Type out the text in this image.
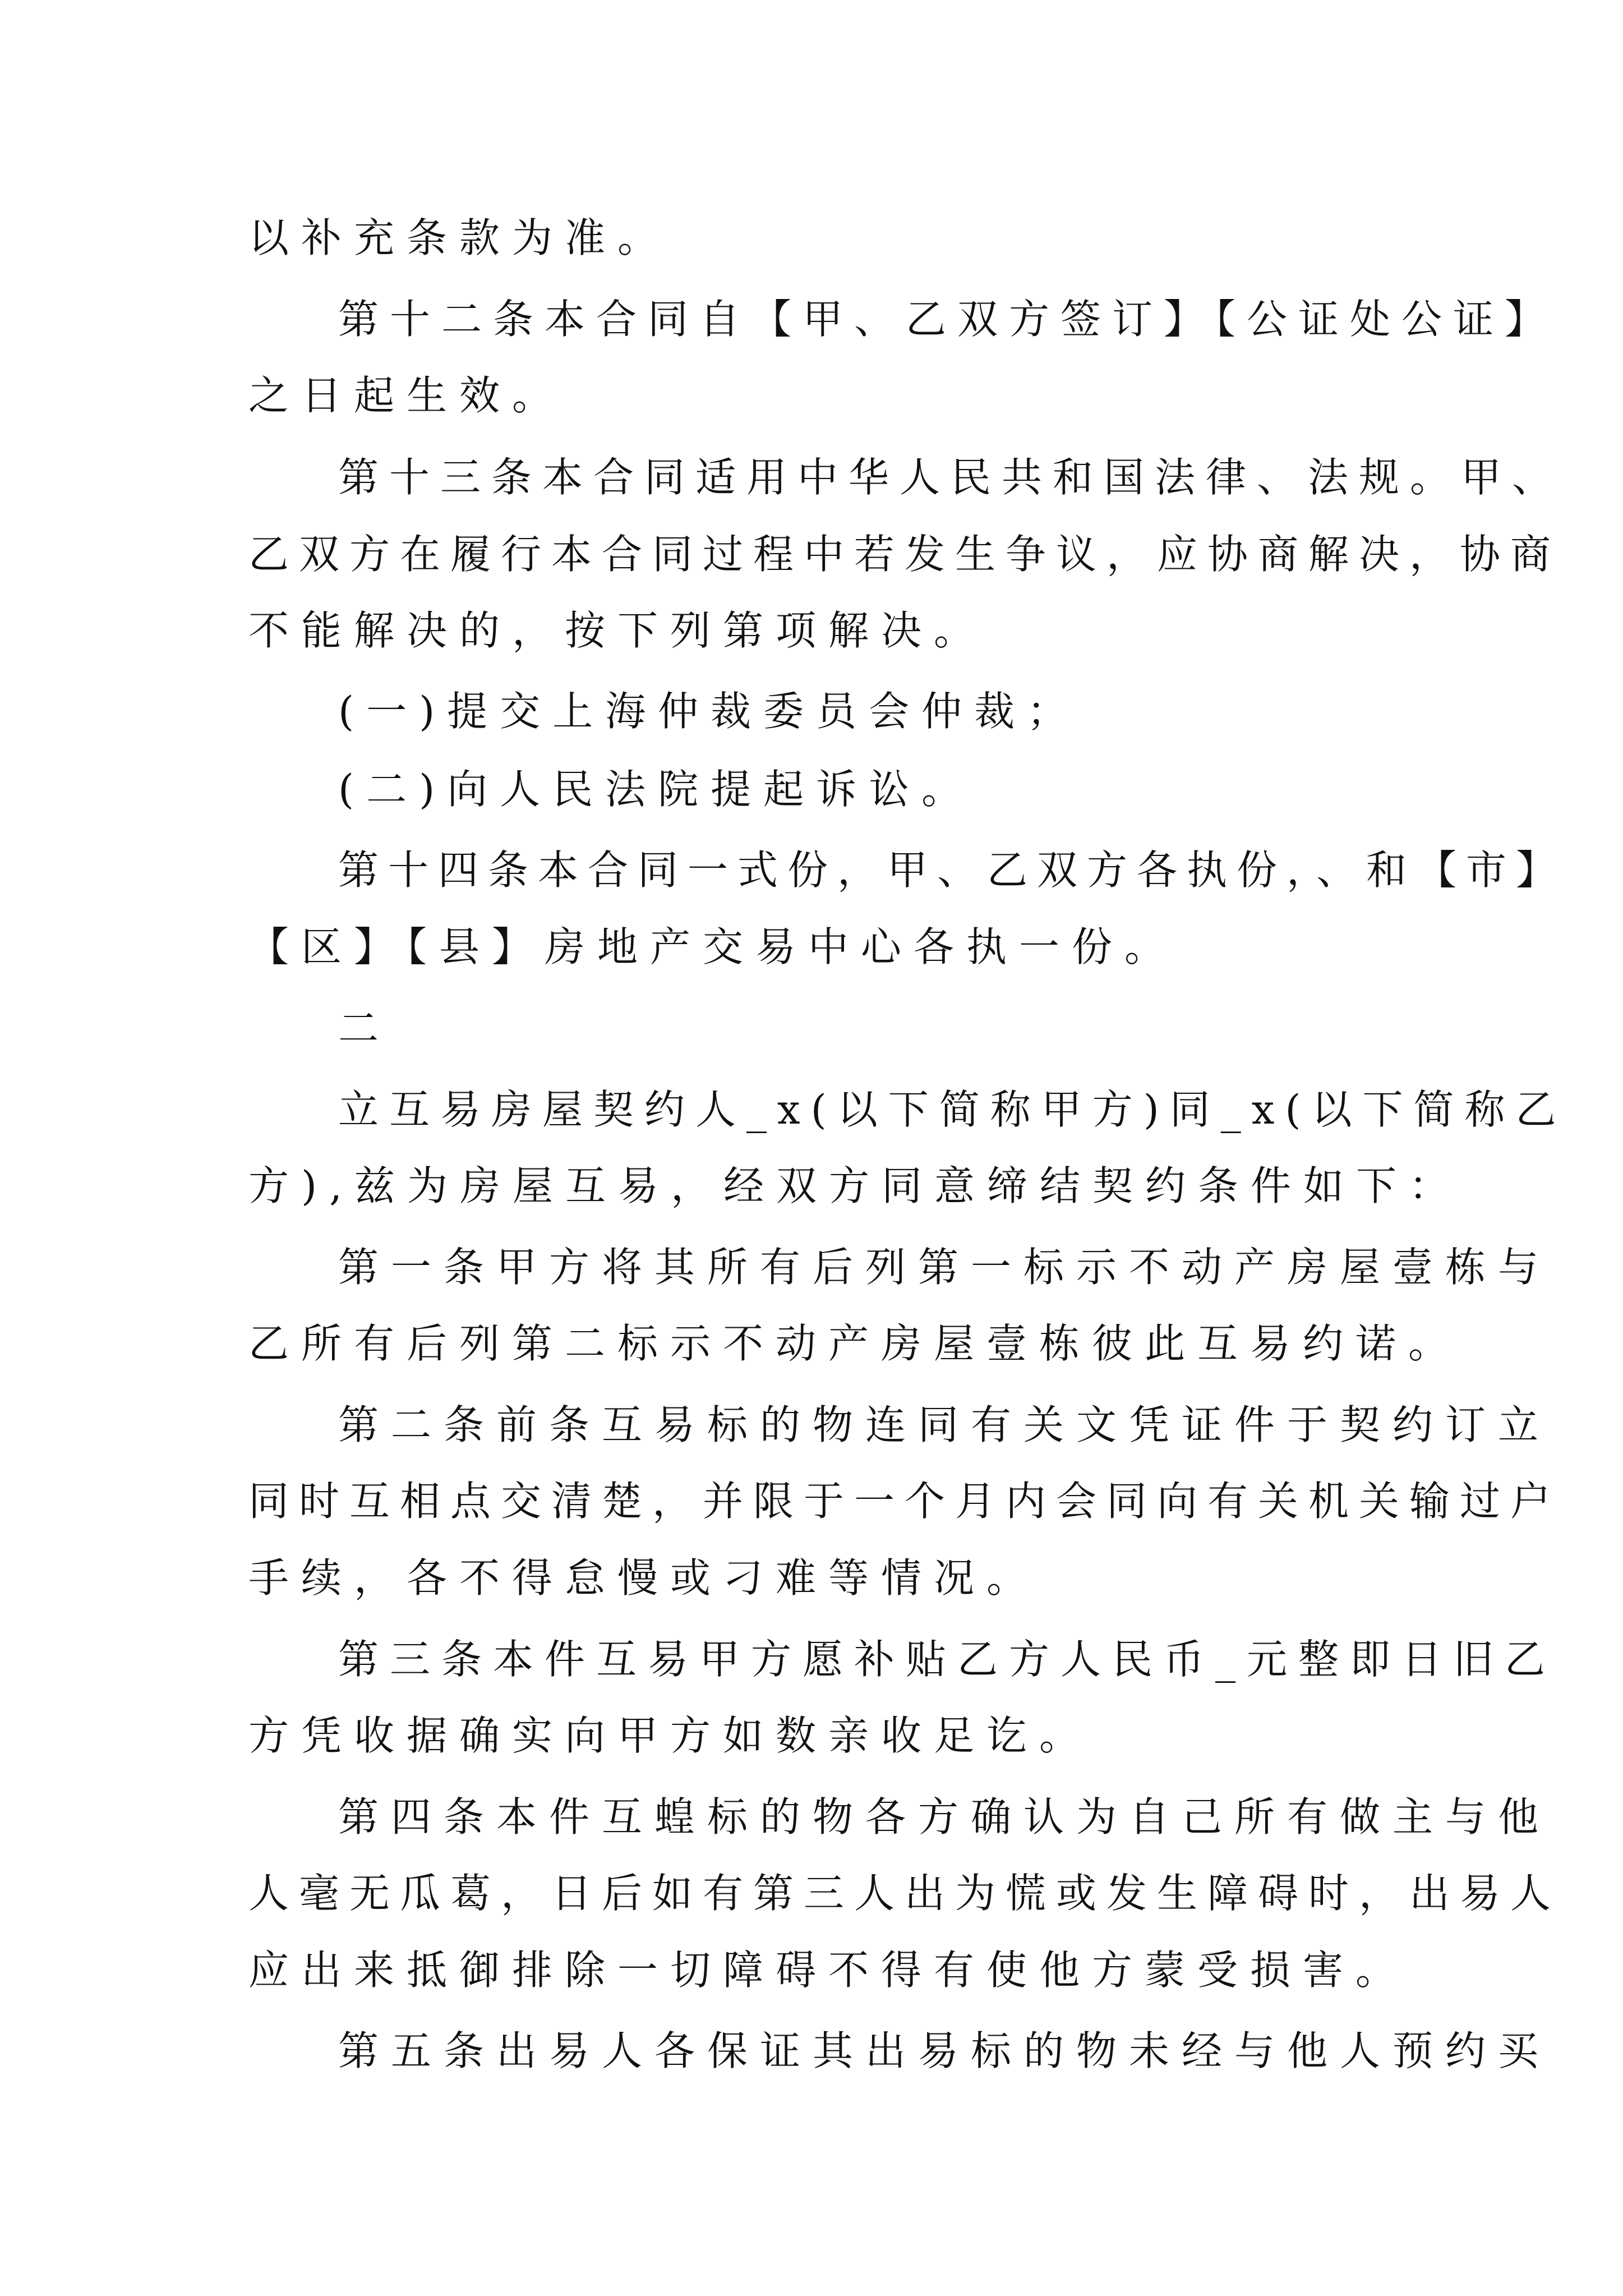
以补充条款为准。
第十二条本合同自【甲、乙双方签订】【公证处公证】
之日起生效。
第十三条本合同适用中华人民共和国法律、法规。甲、
乙双方在履行本合同过程中若发生争议，应协商解决，协商
不能解决的，按下列第项解决。
(一)提交上海仲裁委员会仲裁；
(二)向人民法院提起诉讼。
第十四条本合同一式份，甲、乙双方各执份，、和【市】
【区】【县】房地产交易中心各执一份。
二
立互易房屋契约人_x(以下简称甲方)同_x(以下简称乙
方),兹为房屋互易，经双方同意缔结契约条件如下：
第一条甲方将其所有后列第一标示不动产房屋壹栋与
乙所有后列第二标示不动产房屋壹栋彼此互易约诺。
第二条前条互易标的物连同有关文凭证件于契约订立
同时互相点交清楚，并限于一个月内会同向有关机关输过户
手续，各不得怠慢或刁难等情况。
第三条本件互易甲方愿补贴乙方人民币_元整即日旧乙
方凭收据确实向甲方如数亲收足讫。
第四条本件互蝗标的物各方确认为自己所有做主与他
人毫无瓜葛，日后如有第三人出为慌或发生障碍时，出易人
应出来抵御排除一切障碍不得有使他方蒙受损害。
第五条出易人各保证其出易标的物未经与他人预约买
